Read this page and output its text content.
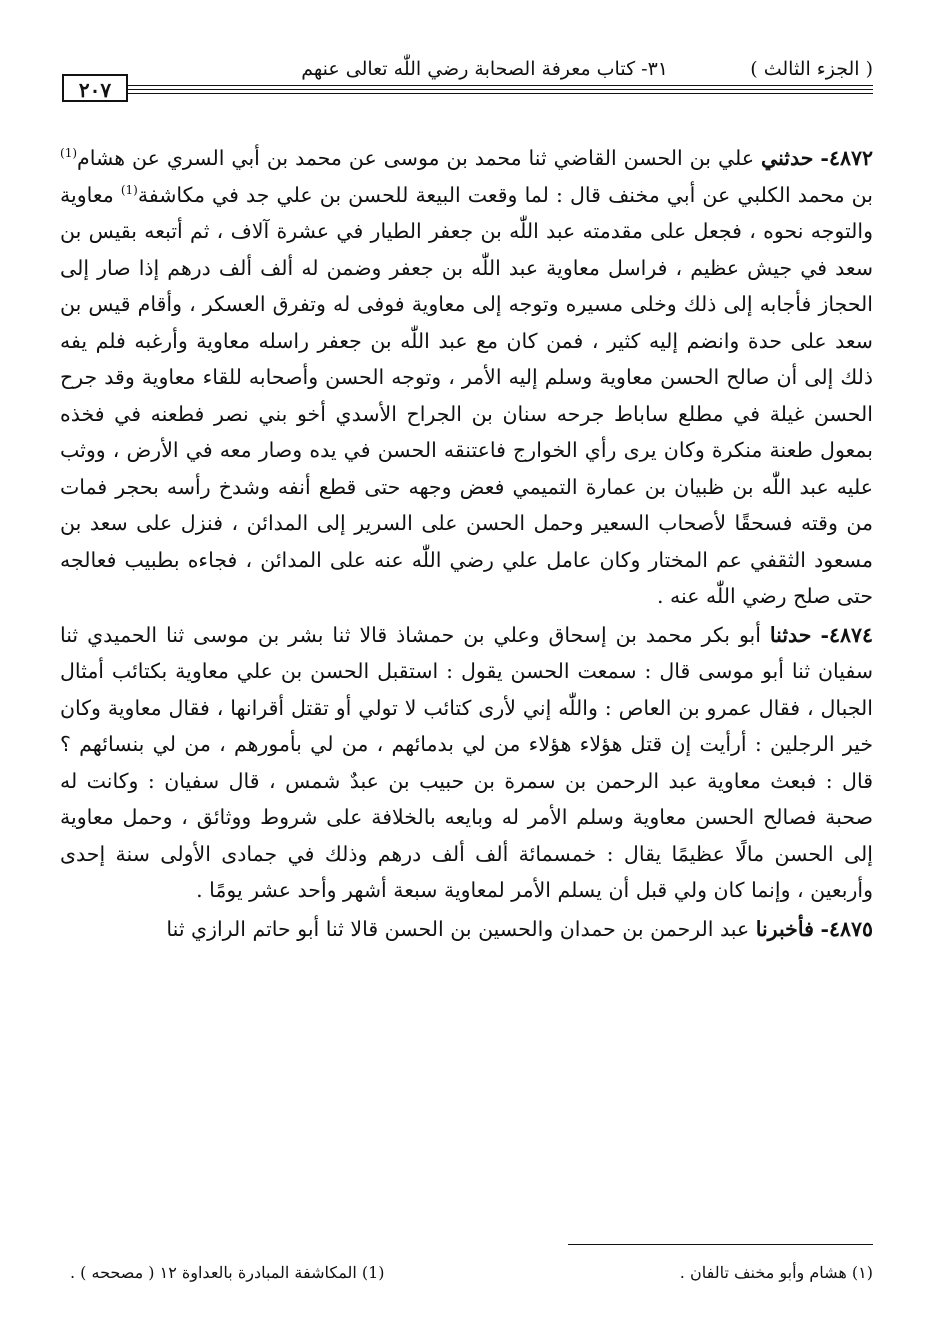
( الجزء الثالث )
٣١- كتاب معرفة الصحابة رضي اللّٰه تعالى عنهم
٢٠٧

٤٨٧٢- حدثني علي بن الحسن القاضي ثنا محمد بن موسى عن محمد بن أبي السري عن هشام$^{(1)}$ بن محمد الكلبي عن أبي مخنف قال : لما وقعت البيعة للحسن بن علي جد في مكاشفة$^{(1)}$ معاوية والتوجه نحوه ، فجعل على مقدمته عبد اللّٰه بن جعفر الطيار في عشرة آلاف ، ثم أتبعه بقيس بن سعد في جيش عظيم ، فراسل معاوية عبد اللّٰه بن جعفر وضمن له ألف ألف درهم إذا صار إلى الحجاز فأجابه إلى ذلك وخلى مسيره وتوجه إلى معاوية فوفى له وتفرق العسكر ، وأقام قيس بن سعد على حدة وانضم إليه كثير ، فمن كان مع عبد اللّٰه بن جعفر راسله معاوية وأرغبه فلم يفه ذلك إلى أن صالح الحسن معاوية وسلم إليه الأمر ، وتوجه الحسن وأصحابه للقاء معاوية وقد جرح الحسن غيلة في مطلع ساباط جرحه سنان بن الجراح الأسدي أخو بني نصر فطعنه في فخذه بمعول طعنة منكرة وكان يرى رأي الخوارج فاعتنقه الحسن في يده وصار معه في الأرض ، ووثب عليه عبد اللّٰه بن ظبيان بن عمارة التميمي فعض وجهه حتى قطع أنفه وشدخ رأسه بحجر فمات من وقته فسحقًا لأصحاب السعير وحمل الحسن على السرير إلى المدائن ، فنزل على سعد بن مسعود الثقفي عم المختار وكان عامل علي رضي اللّٰه عنه على المدائن ، فجاءه بطبيب فعالجه حتى صلح رضي اللّٰه عنه .

٤٨٧٤- حدثنا أبو بكر محمد بن إسحاق وعلي بن حمشاذ قالا ثنا بشر بن موسى ثنا الحميدي ثنا سفيان ثنا أبو موسى قال : سمعت الحسن يقول : استقبل الحسن بن علي معاوية بكتائب أمثال الجبال ، فقال عمرو بن العاص : واللّٰه إني لأرى كتائب لا تولي أو تقتل أقرانها ، فقال معاوية وكان خير الرجلين : أرأيت إن قتل هؤلاء هؤلاء من لي بدمائهم ، من لي بأمورهم ، من لي بنسائهم ؟ قال : فبعث معاوية عبد الرحمن بن سمرة بن حبيب بن عبدٌ شمس ، قال سفيان : وكانت له صحبة فصالح الحسن معاوية وسلم الأمر له وبايعه بالخلافة على شروط ووثائق ، وحمل معاوية إلى الحسن مالًا عظيمًا يقال : خمسمائة ألف ألف درهم وذلك في جمادى الأولى سنة إحدى وأربعين ، وإنما كان ولي قبل أن يسلم الأمر لمعاوية سبعة أشهر وأحد عشر يومًا .

٤٨٧٥- فأخبرنا عبد الرحمن بن حمدان والحسين بن الحسن قالا ثنا أبو حاتم الرازي ثنا

(١) هشام وأبو مخنف تالفان .
(1) المكاشفة المبادرة بالعداوة ١٢ ( مصححه ) .
